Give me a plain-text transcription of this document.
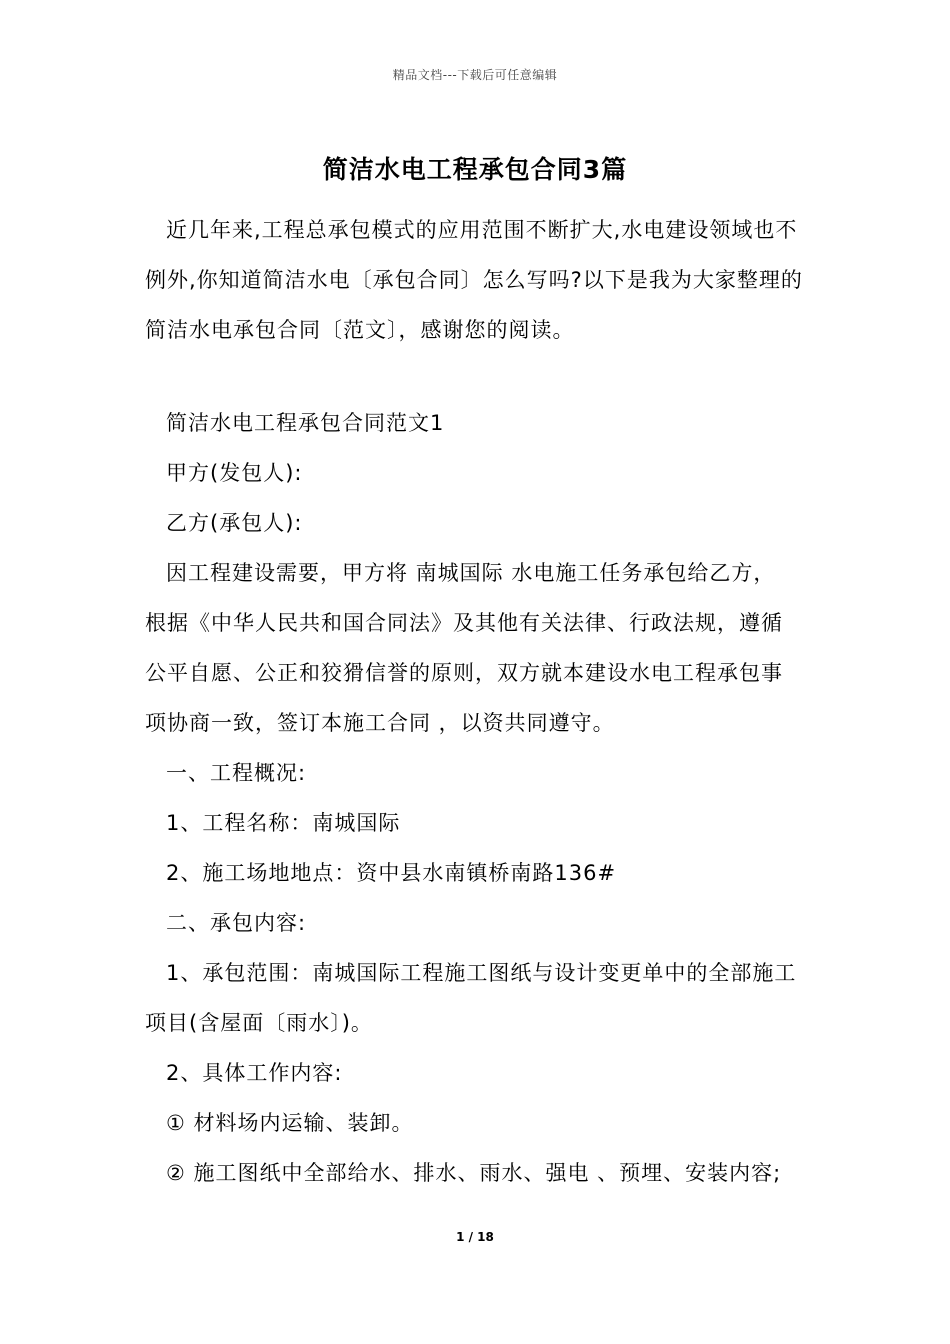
精品文档---下载后可任意编辑
简洁水电工程承包合同3篇
近几年来,工程总承包模式的应用范围不断扩大,水电建设领域也不例外,你知道简洁水电〔承包合同〕怎么写吗?以下是我为大家整理的简洁水电承包合同〔范文〕，感谢您的阅读。
简洁水电工程承包合同范文1
甲方(发包人):
乙方(承包人):
因工程建设需要，甲方将 南城国际 水电施工任务承包给乙方，
根据《中华人民共和国合同法》及其他有关法律、行政法规，遵循
公平自愿、公正和狡猾信誉的原则，双方就本建设水电工程承包事
项协商一致，签订本施工合同 ，以资共同遵守。
一、工程概况:
1、工程名称：南城国际
2、施工场地地点：资中县水南镇桥南路136#
二、承包内容:
1、承包范围：南城国际工程施工图纸与设计变更单中的全部施工
项目(含屋面〔雨水〕)。
2、具体工作内容:
① 材料场内运输、装卸。
② 施工图纸中全部给水、排水、雨水、强电 、预埋、安装内容;
1 / 18
